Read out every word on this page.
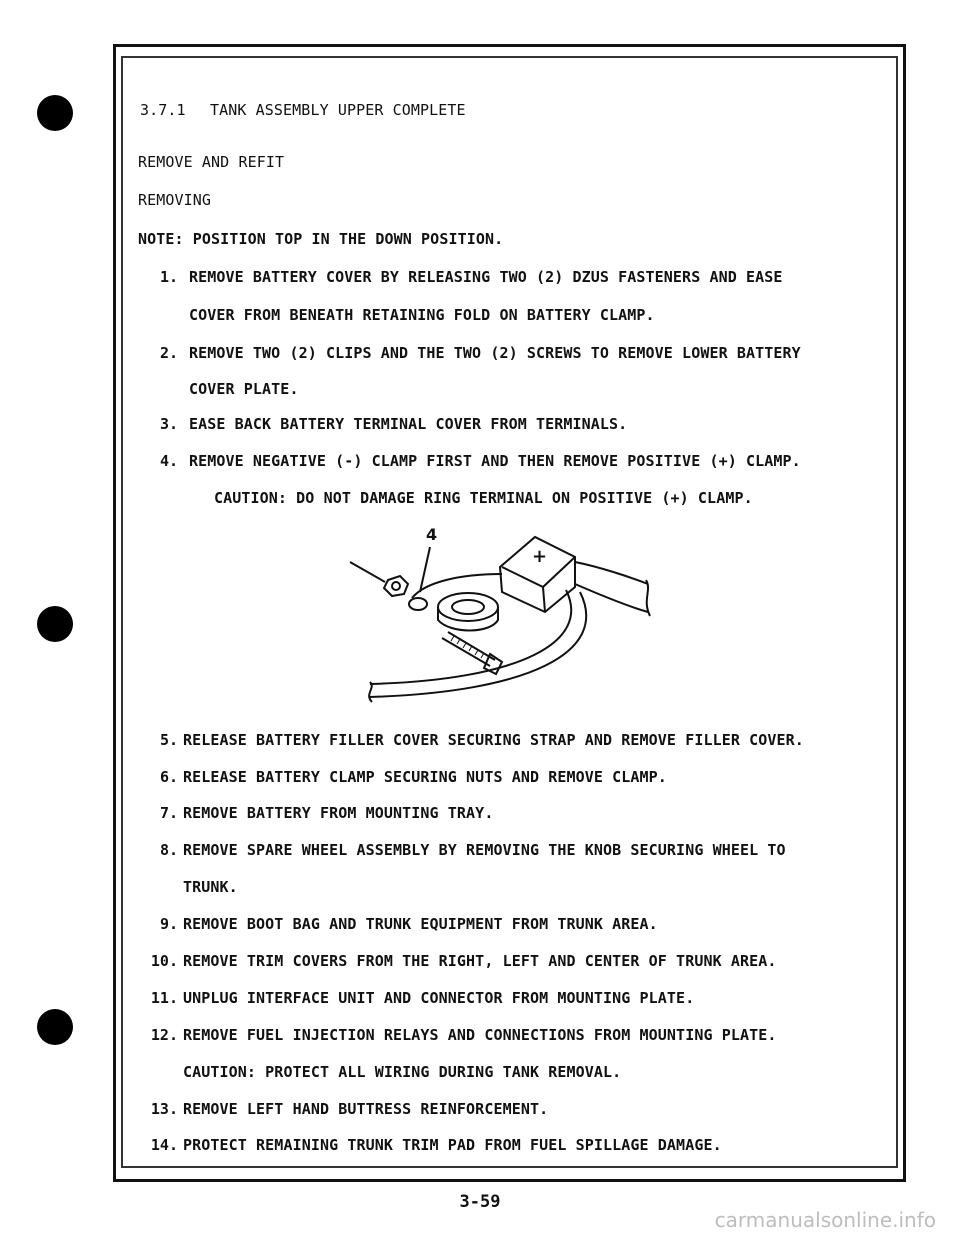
3.7.1 TANK ASSEMBLY UPPER COMPLETE
REMOVE AND REFIT
REMOVING
NOTE: POSITION TOP IN THE DOWN POSITION.
1. REMOVE BATTERY COVER BY RELEASING TWO (2) DZUS FASTENERS AND EASE
COVER FROM BENEATH RETAINING FOLD ON BATTERY CLAMP.
2. REMOVE TWO (2) CLIPS AND THE TWO (2) SCREWS TO REMOVE LOWER BATTERY
COVER PLATE.
3. EASE BACK BATTERY TERMINAL COVER FROM TERMINALS.
4. REMOVE NEGATIVE (-) CLAMP FIRST AND THEN REMOVE POSITIVE (+) CLAMP.
CAUTION: DO NOT DAMAGE RING TERMINAL ON POSITIVE (+) CLAMP.
4
+
5. RELEASE BATTERY FILLER COVER SECURING STRAP AND REMOVE FILLER COVER.
6. RELEASE BATTERY CLAMP SECURING NUTS AND REMOVE CLAMP.
7. REMOVE BATTERY FROM MOUNTING TRAY.
8. REMOVE SPARE WHEEL ASSEMBLY BY REMOVING THE KNOB SECURING WHEEL TO
TRUNK.
9. REMOVE BOOT BAG AND TRUNK EQUIPMENT FROM TRUNK AREA.
10. REMOVE TRIM COVERS FROM THE RIGHT, LEFT AND CENTER OF TRUNK AREA.
11. UNPLUG INTERFACE UNIT AND CONNECTOR FROM MOUNTING PLATE.
12. REMOVE FUEL INJECTION RELAYS AND CONNECTIONS FROM MOUNTING PLATE.
CAUTION: PROTECT ALL WIRING DURING TANK REMOVAL.
13. REMOVE LEFT HAND BUTTRESS REINFORCEMENT.
14. PROTECT REMAINING TRUNK TRIM PAD FROM FUEL SPILLAGE DAMAGE.
3-59
carmanualsonline.info
